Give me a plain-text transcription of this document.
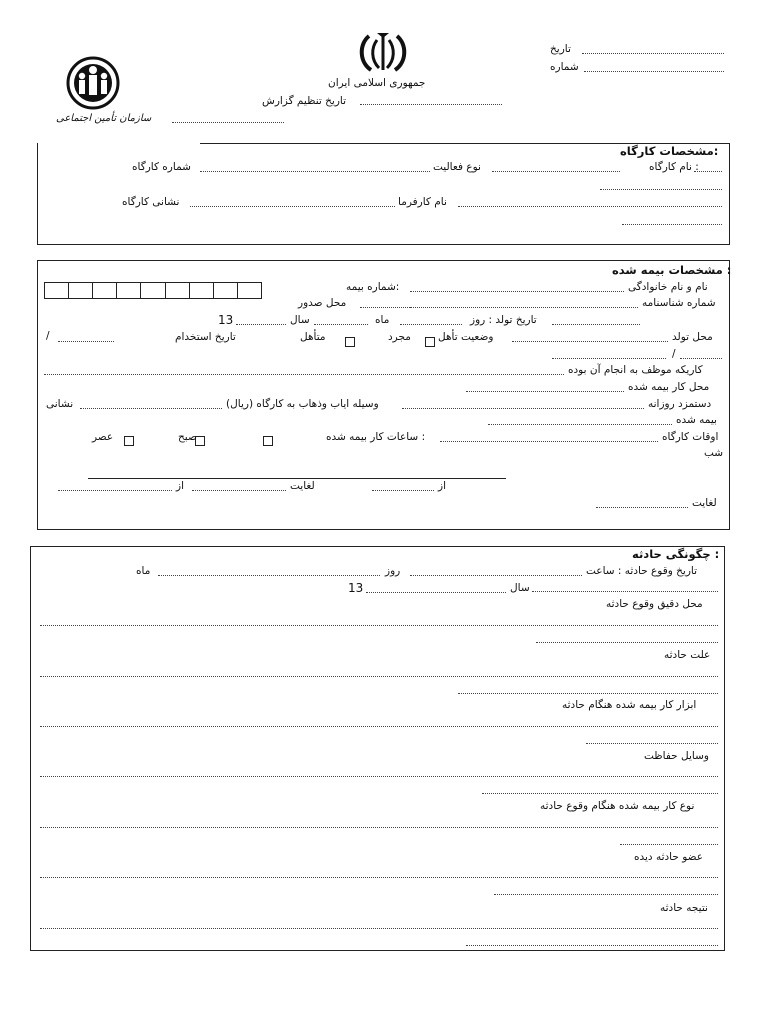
سازمان تأمین اجتماعی
جمهوری اسلامی ایران
تاریخ تنظیم گزارش
تاریخ
شماره
مشخصات کارگاه:
نام کارگاه :
نوع فعالیت
شماره کارگاه
نام کارفرما
نشانی کارگاه
مشخصات بیمه شده :
نام و نام خانوادگی
شماره بیمه:
شماره شناسنامه
محل صدور
تاریخ تولد : روز
ماه
سال
13
محل تولد
وضعیت تأهل
مجرد
متأهل
تاریخ استخدام
/
/
کاریکه موظف به انجام آن بوده
محل کار بیمه شده
دستمزد روزانه
(ریال) وسیله ایاب وذهاب به کارگاه
نشانی
بیمه شده
اوقات کارگاه
ساعات کار بیمه شده :
صبح
عصر
شب
از
لغایت
از
لغایت
چگونگی حادثه :
تاریخ وقوع حادثه : ساعت
روز
ماه
سال
13
محل دقیق وقوع حادثه
علت حادثه
ابزار کار بیمه شده هنگام حادثه
وسایل حفاظت
نوع کار بیمه شده هنگام وقوع حادثه
عضو حادثه دیده
نتیجه حادثه
